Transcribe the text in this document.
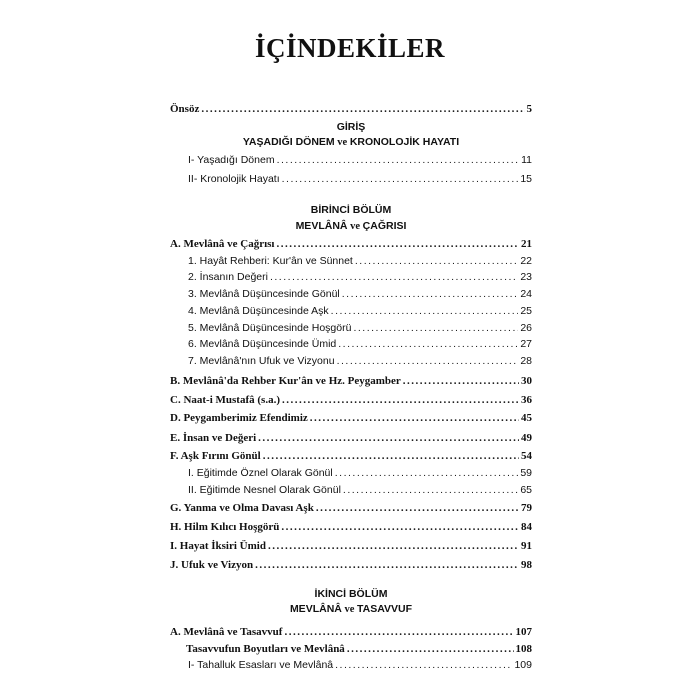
İÇİNDEKİLER
Önsöz .....	5
GİRİŞ
YAŞADIĞI DÖNEM ve KRONOLOJİK HAYATI
I- Yaşadığı Dönem .....	11
II- Kronolojik Hayatı .....	15
BİRİNCİ BÖLÜM
MEVLÂNÂ ve ÇAĞRISI
A. Mevlânâ ve Çağrısı .....	21
1. Hayât Rehberi: Kur'ân ve Sünnet .....	22
2. İnsanın Değeri .....	23
3. Mevlânâ Düşüncesinde Gönül .....	24
4. Mevlânâ Düşüncesinde Aşk .....	25
5. Mevlânâ Düşüncesinde Hoşgörü .....	26
6. Mevlânâ Düşüncesinde Ümid .....	27
7. Mevlânâ'nın Ufuk ve Vizyonu .....	28
B. Mevlânâ'da Rehber Kur'ân ve Hz. Peygamber .....	30
C. Naat-i Mustafâ (s.a.) .....	36
D. Peygamberimiz Efendimiz .....	45
E. İnsan ve Değeri .....	49
F. Aşk Fırını Gönül .....	54
I. Eğitimde Öznel Olarak Gönül .....	59
II. Eğitimde Nesnel Olarak Gönül .....	65
G. Yanma ve Olma Davası Aşk .....	79
H. Hilm Kılıcı Hoşgörü .....	84
I. Hayat İksiri Ümid .....	91
J. Ufuk ve Vizyon .....	98
İKİNCİ BÖLÜM
MEVLÂNÂ ve TASAVVUF
A. Mevlânâ ve Tasavvuf .....	107
Tasavvufun Boyutları ve Mevlânâ .....	108
I- Tahalluk Esasları ve Mevlânâ .....	109
